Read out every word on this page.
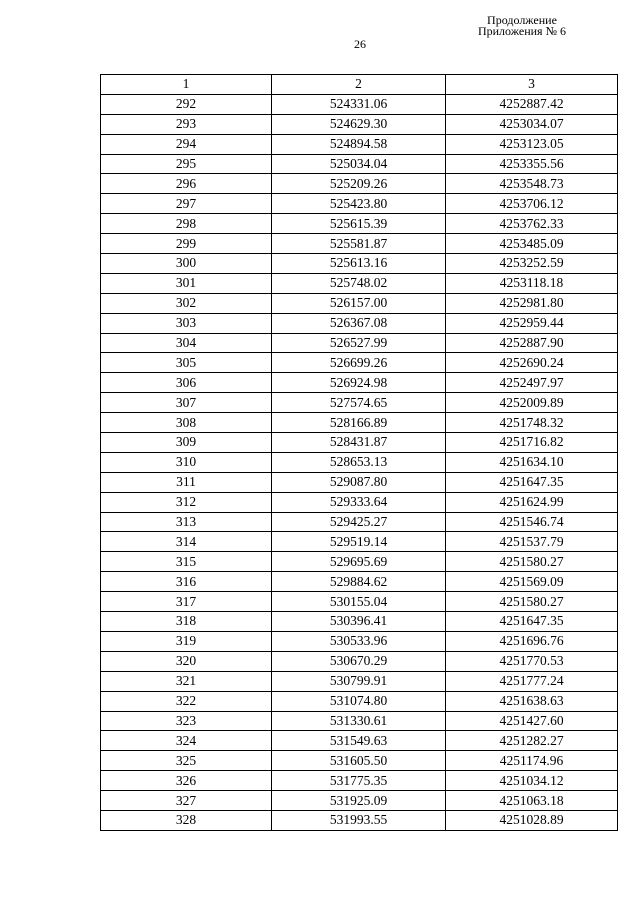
Продолжение
Приложения № 6
26
1	2	3
292	524331.06	4252887.42
293	524629.30	4253034.07
294	524894.58	4253123.05
295	525034.04	4253355.56
296	525209.26	4253548.73
297	525423.80	4253706.12
298	525615.39	4253762.33
299	525581.87	4253485.09
300	525613.16	4253252.59
301	525748.02	4253118.18
302	526157.00	4252981.80
303	526367.08	4252959.44
304	526527.99	4252887.90
305	526699.26	4252690.24
306	526924.98	4252497.97
307	527574.65	4252009.89
308	528166.89	4251748.32
309	528431.87	4251716.82
310	528653.13	4251634.10
311	529087.80	4251647.35
312	529333.64	4251624.99
313	529425.27	4251546.74
314	529519.14	4251537.79
315	529695.69	4251580.27
316	529884.62	4251569.09
317	530155.04	4251580.27
318	530396.41	4251647.35
319	530533.96	4251696.76
320	530670.29	4251770.53
321	530799.91	4251777.24
322	531074.80	4251638.63
323	531330.61	4251427.60
324	531549.63	4251282.27
325	531605.50	4251174.96
326	531775.35	4251034.12
327	531925.09	4251063.18
328	531993.55	4251028.89
